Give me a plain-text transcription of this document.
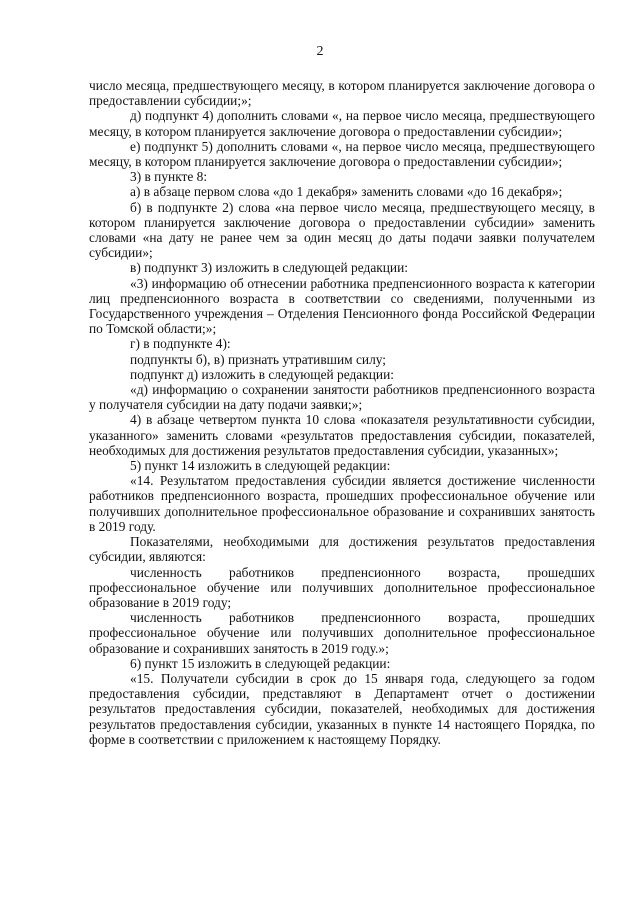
2

число месяца, предшествующего месяцу, в котором планируется заключение договора о предоставлении субсидии;»;

д) подпункт 4) дополнить словами «, на первое число месяца, предшествующего месяцу, в котором планируется заключение договора о предоставлении субсидии»;

е) подпункт 5) дополнить словами «, на первое число месяца, предшествующего месяцу, в котором планируется заключение договора о предоставлении субсидии»;

3) в пункте 8:

а) в абзаце первом слова «до 1 декабря» заменить словами «до 16 декабря»;

б) в подпункте 2) слова «на первое число месяца, предшествующего месяцу, в котором планируется заключение договора о предоставлении субсидии» заменить словами «на дату не ранее чем за один месяц до даты подачи заявки получателем субсидии»;

в) подпункт 3) изложить в следующей редакции:

«3) информацию об отнесении работника предпенсионного возраста к категории лиц предпенсионного возраста в соответствии со сведениями, полученными из Государственного учреждения – Отделения Пенсионного фонда Российской Федерации по Томской области;»;

г) в подпункте 4):

подпункты б), в) признать утратившим силу;

подпункт д) изложить в следующей редакции:

«д) информацию о сохранении занятости работников предпенсионного возраста у получателя субсидии на дату подачи заявки;»;

4) в абзаце четвертом пункта 10 слова «показателя результативности субсидии, указанного» заменить словами «результатов предоставления субсидии, показателей, необходимых для достижения результатов предоставления субсидии, указанных»;

5) пункт 14 изложить в следующей редакции:

«14. Результатом предоставления субсидии является достижение численности работников предпенсионного возраста, прошедших профессиональное обучение или получивших дополнительное профессиональное образование и сохранивших занятость в 2019 году.

Показателями, необходимыми для достижения результатов предоставления субсидии, являются:

численность работников предпенсионного возраста, прошедших профессиональное обучение или получивших дополнительное профессиональное образование в 2019 году;

численность работников предпенсионного возраста, прошедших профессиональное обучение или получивших дополнительное профессиональное образование и сохранивших занятость в 2019 году.»;

6) пункт 15 изложить в следующей редакции:

«15. Получатели субсидии в срок до 15 января года, следующего за годом предоставления субсидии, представляют в Департамент отчет о достижении результатов предоставления субсидии, показателей, необходимых для достижения результатов предоставления субсидии, указанных в пункте 14 настоящего Порядка, по форме в соответствии с приложением к настоящему Порядку.
